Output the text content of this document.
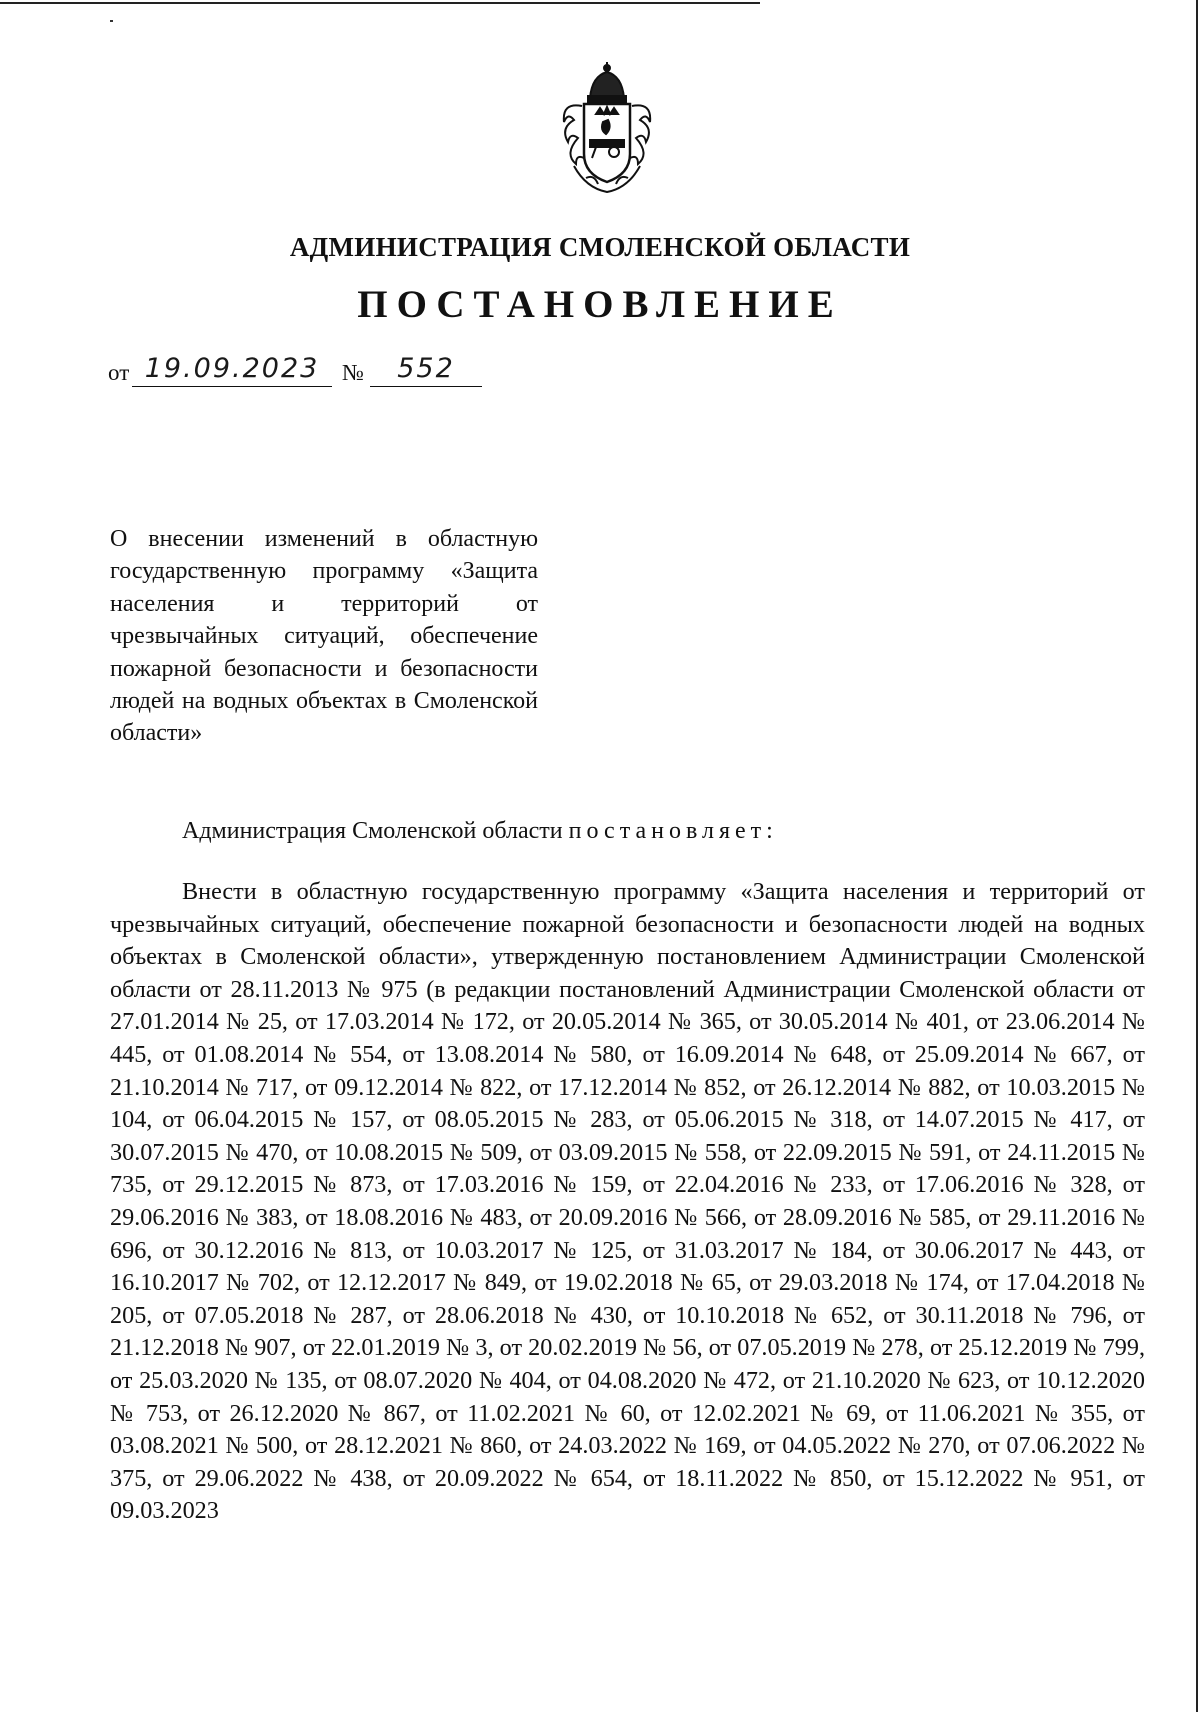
АДМИНИСТРАЦИЯ СМОЛЕНСКОЙ ОБЛАСТИ
ПОСТАНОВЛЕНИЕ
от 19.09.2023 №	552
О внесении изменений в областную государственную программу «Защита населения и территорий от чрезвычайных ситуаций, обеспечение пожарной безопасности и безопасности людей на водных объектах в Смоленской области»
Администрация Смоленской области постановляет:
Внести в областную государственную программу «Защита населения и территорий от чрезвычайных ситуаций, обеспечение пожарной безопасности и безопасности людей на водных объектах в Смоленской области», утвержденную постановлением Администрации Смоленской области от 28.11.2013 № 975 (в редакции постановлений Администрации Смоленской области от 27.01.2014 № 25, от 17.03.2014 № 172, от 20.05.2014 № 365, от 30.05.2014 № 401, от 23.06.2014 № 445, от 01.08.2014 № 554, от 13.08.2014 № 580, от 16.09.2014 № 648, от 25.09.2014 № 667, от 21.10.2014 № 717, от 09.12.2014 № 822, от 17.12.2014 № 852, от 26.12.2014 № 882, от 10.03.2015 № 104, от 06.04.2015 № 157, от 08.05.2015 № 283, от 05.06.2015 № 318, от 14.07.2015 № 417, от 30.07.2015 № 470, от 10.08.2015 № 509, от 03.09.2015 № 558, от 22.09.2015 № 591, от 24.11.2015 № 735, от 29.12.2015 № 873, от 17.03.2016 № 159, от 22.04.2016 № 233, от 17.06.2016 № 328, от 29.06.2016 № 383, от 18.08.2016 № 483, от 20.09.2016 № 566, от 28.09.2016 № 585, от 29.11.2016 № 696, от 30.12.2016 № 813, от 10.03.2017 № 125, от 31.03.2017 № 184, от 30.06.2017 № 443, от 16.10.2017 № 702, от 12.12.2017 № 849, от 19.02.2018 № 65, от 29.03.2018 № 174, от 17.04.2018 № 205, от 07.05.2018 № 287, от 28.06.2018 № 430, от 10.10.2018 № 652, от 30.11.2018 № 796, от 21.12.2018 № 907, от 22.01.2019 № 3, от 20.02.2019 № 56, от 07.05.2019 № 278, от 25.12.2019 № 799, от 25.03.2020 № 135, от 08.07.2020 № 404, от 04.08.2020 № 472, от 21.10.2020 № 623, от 10.12.2020 № 753, от 26.12.2020 № 867, от 11.02.2021 № 60, от 12.02.2021 № 69, от 11.06.2021 № 355, от 03.08.2021 № 500, от 28.12.2021 № 860, от 24.03.2022 № 169, от 04.05.2022 № 270, от 07.06.2022 № 375, от 29.06.2022 № 438, от 20.09.2022 № 654, от 18.11.2022 № 850, от 15.12.2022 № 951, от 09.03.2023
